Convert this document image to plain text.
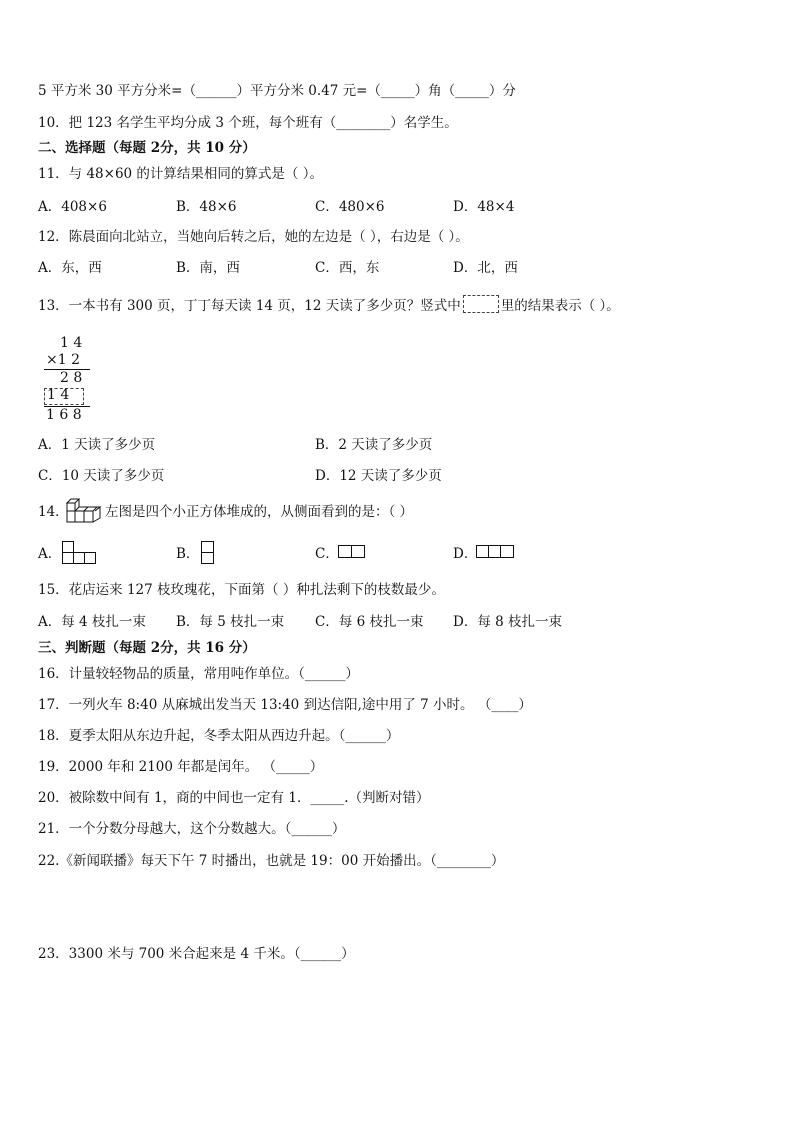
5 平方米 30 平方分米=（______）平方分米 0.47 元=（_____）角（_____）分
10．把 123 名学生平均分成 3 个班，每个班有（________）名学生。
二、选择题（每题 2分，共 10 分）
11．与 48×60 的计算结果相同的算式是（ ）。
A．408×6	B．48×6	C．480×6	D．48×4
12．陈晨面向北站立，当她向后转之后，她的左边是（ ），右边是（ ）。
A．东，西	B．南，西	C．西，东	D．北，西
13．一本书有 300 页，丁丁每天读 14 页，12 天读了多少页？竖式中	里的结果表示（ ）。
1 4
×1 2
2 8
1 4
1 6 8
A．1 天读了多少页	B．2 天读了多少页
C．10 天读了多少页	D．12 天读了多少页
14．	左图是四个小正方体堆成的，从侧面看到的是：（ ）
A．	B．	C．	D．
15．花店运来 127 枝玫瑰花，下面第（ ）种扎法剩下的枝数最少。
A．每 4 枝扎一束 B．每 5 枝扎一束 C．每 6 枝扎一束 D．每 8 枝扎一束
三、判断题（每题 2分，共 16 分）
16．计量较轻物品的质量，常用吨作单位。（______）
17．一列火车 8:40 从麻城出发当天 13:40 到达信阳,途中用了 7 小时。 （____）
18．夏季太阳从东边升起，冬季太阳从西边升起。（______）
19．2000 年和 2100 年都是闰年。 （_____）
20．被除数中间有 1，商的中间也一定有 1．_____.（判断对错）
21．一个分数分母越大，这个分数越大。（______）
22.《新闻联播》每天下午 7 时播出，也就是 19：00 开始播出。（________）
23．3300 米与 700 米合起来是 4 千米。（______）
